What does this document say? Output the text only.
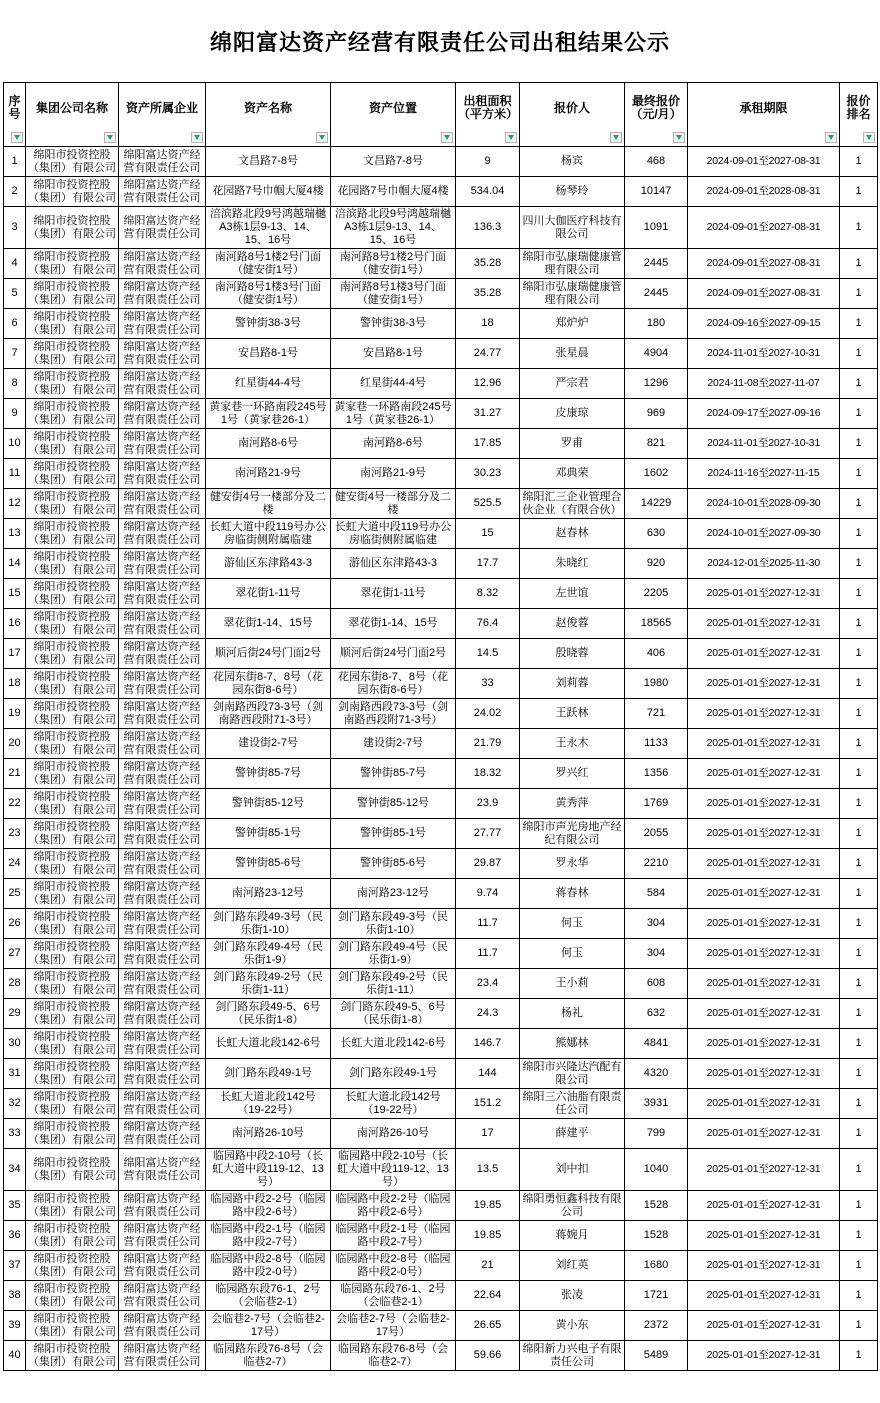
绵阳富达资产经营有限责任公司出租结果公示
序号	集团公司名称	资产所属企业	资产名称	资产位置	出租面积（平方米）	报价人	最终报价（元/月）	承租期限	报价排名

1	绵阳市投资控股（集团）有限公司	绵阳富达资产经营有限责任公司	文昌路7-8号	文昌路7-8号	9	杨宾	468	2024-09-01至2027-08-31	1
2	绵阳市投资控股（集团）有限公司	绵阳富达资产经营有限责任公司	花园路7号巾帼大厦4楼	花园路7号巾帼大厦4楼	534.04	杨琴玲	10147	2024-09-01至2028-08-31	1
3	绵阳市投资控股（集团）有限公司	绵阳富达资产经营有限责任公司	涪滨路北段9号鸿越瑞樾A3栋1层9-13、14、15、16号	涪滨路北段9号鸿越瑞樾A3栋1层9-13、14、15、16号	136.3	四川大伽医疗科技有限公司	1091	2024-09-01至2027-08-31	1
4	绵阳市投资控股（集团）有限公司	绵阳富达资产经营有限责任公司	南河路8号1楼2号门面（健安街1号）	南河路8号1楼2号门面（健安街1号）	35.28	绵阳市弘康瑞健康管理有限公司	2445	2024-09-01至2027-08-31	1
5	绵阳市投资控股（集团）有限公司	绵阳富达资产经营有限责任公司	南河路8号1楼3号门面（健安街1号）	南河路8号1楼3号门面（健安街1号）	35.28	绵阳市弘康瑞健康管理有限公司	2445	2024-09-01至2027-08-31	1
6	绵阳市投资控股（集团）有限公司	绵阳富达资产经营有限责任公司	警钟街38-3号	警钟街38-3号	18	郑炉炉	180	2024-09-16至2027-09-15	1
7	绵阳市投资控股（集团）有限公司	绵阳富达资产经营有限责任公司	安昌路8-1号	安昌路8-1号	24.77	张星晨	4904	2024-11-01至2027-10-31	1
8	绵阳市投资控股（集团）有限公司	绵阳富达资产经营有限责任公司	红星街44-4号	红星街44-4号	12.96	严宗君	1296	2024-11-08至2027-11-07	1
9	绵阳市投资控股（集团）有限公司	绵阳富达资产经营有限责任公司	黄家巷一环路南段245号1号（黄家巷26-1）	黄家巷一环路南段245号1号（黄家巷26-1）	31.27	皮康琼	969	2024-09-17至2027-09-16	1
10	绵阳市投资控股（集团）有限公司	绵阳富达资产经营有限责任公司	南河路8-6号	南河路8-6号	17.85	罗甫	821	2024-11-01至2027-10-31	1
11	绵阳市投资控股（集团）有限公司	绵阳富达资产经营有限责任公司	南河路21-9号	南河路21-9号	30.23	邓典荣	1602	2024-11-16至2027-11-15	1
12	绵阳市投资控股（集团）有限公司	绵阳富达资产经营有限责任公司	健安街4号一楼部分及二楼	健安街4号一楼部分及二楼	525.5	绵阳汇三企业管理合伙企业（有限合伙）	14229	2024-10-01至2028-09-30	1
13	绵阳市投资控股（集团）有限公司	绵阳富达资产经营有限责任公司	长虹大道中段119号办公房临街侧附属临建	长虹大道中段119号办公房临街侧附属临建	15	赵春林	630	2024-10-01至2027-09-30	1
14	绵阳市投资控股（集团）有限公司	绵阳富达资产经营有限责任公司	游仙区东津路43-3	游仙区东津路43-3	17.7	朱晓红	920	2024-12-01至2025-11-30	1
15	绵阳市投资控股（集团）有限公司	绵阳富达资产经营有限责任公司	翠花街1-11号	翠花街1-11号	8.32	左世谊	2205	2025-01-01至2027-12-31	1
16	绵阳市投资控股（集团）有限公司	绵阳富达资产经营有限责任公司	翠花街1-14、15号	翠花街1-14、15号	76.4	赵俊蓉	18565	2025-01-01至2027-12-31	1
17	绵阳市投资控股（集团）有限公司	绵阳富达资产经营有限责任公司	顺河后街24号门面2号	顺河后街24号门面2号	14.5	殷晓蓉	406	2025-01-01至2027-12-31	1
18	绵阳市投资控股（集团）有限公司	绵阳富达资产经营有限责任公司	花园东街8-7、8号（花园东街8-6号）	花园东街8-7、8号（花园东街8-6号）	33	刘莉蓉	1980	2025-01-01至2027-12-31	1
19	绵阳市投资控股（集团）有限公司	绵阳富达资产经营有限责任公司	剑南路西段73-3号（剑南路西段附71-3号）	剑南路西段73-3号（剑南路西段附71-3号）	24.02	王跃林	721	2025-01-01至2027-12-31	1
20	绵阳市投资控股（集团）有限公司	绵阳富达资产经营有限责任公司	建设街2-7号	建设街2-7号	21.79	王永木	1133	2025-01-01至2027-12-31	1
21	绵阳市投资控股（集团）有限公司	绵阳富达资产经营有限责任公司	警钟街85-7号	警钟街85-7号	18.32	罗兴红	1356	2025-01-01至2027-12-31	1
22	绵阳市投资控股（集团）有限公司	绵阳富达资产经营有限责任公司	警钟街85-12号	警钟街85-12号	23.9	黄秀萍	1769	2025-01-01至2027-12-31	1
23	绵阳市投资控股（集团）有限公司	绵阳富达资产经营有限责任公司	警钟街85-1号	警钟街85-1号	27.77	绵阳市声光房地产经纪有限公司	2055	2025-01-01至2027-12-31	1
24	绵阳市投资控股（集团）有限公司	绵阳富达资产经营有限责任公司	警钟街85-6号	警钟街85-6号	29.87	罗永华	2210	2025-01-01至2027-12-31	1
25	绵阳市投资控股（集团）有限公司	绵阳富达资产经营有限责任公司	南河路23-12号	南河路23-12号	9.74	蒋春林	584	2025-01-01至2027-12-31	1
26	绵阳市投资控股（集团）有限公司	绵阳富达资产经营有限责任公司	剑门路东段49-3号（民乐街1-10）	剑门路东段49-3号（民乐街1-10）	11.7	何玉	304	2025-01-01至2027-12-31	1
27	绵阳市投资控股（集团）有限公司	绵阳富达资产经营有限责任公司	剑门路东段49-4号（民乐街1-9）	剑门路东段49-4号（民乐街1-9）	11.7	何玉	304	2025-01-01至2027-12-31	1
28	绵阳市投资控股（集团）有限公司	绵阳富达资产经营有限责任公司	剑门路东段49-2号（民乐街1-11）	剑门路东段49-2号（民乐街1-11）	23.4	王小莉	608	2025-01-01至2027-12-31	1
29	绵阳市投资控股（集团）有限公司	绵阳富达资产经营有限责任公司	剑门路东段49-5、6号（民乐街1-8）	剑门路东段49-5、6号（民乐街1-8）	24.3	杨礼	632	2025-01-01至2027-12-31	1
30	绵阳市投资控股（集团）有限公司	绵阳富达资产经营有限责任公司	长虹大道北段142-6号	长虹大道北段142-6号	146.7	熊娜林	4841	2025-01-01至2027-12-31	1
31	绵阳市投资控股（集团）有限公司	绵阳富达资产经营有限责任公司	剑门路东段49-1号	剑门路东段49-1号	144	绵阳市兴隆达汽配有限公司	4320	2025-01-01至2027-12-31	1
32	绵阳市投资控股（集团）有限公司	绵阳富达资产经营有限责任公司	长虹大道北段142号（19-22号）	长虹大道北段142号（19-22号）	151.2	绵阳三六油脂有限责任公司	3931	2025-01-01至2027-12-31	1
33	绵阳市投资控股（集团）有限公司	绵阳富达资产经营有限责任公司	南河路26-10号	南河路26-10号	17	薛建平	799	2025-01-01至2027-12-31	1
34	绵阳市投资控股（集团）有限公司	绵阳富达资产经营有限责任公司	临园路中段2-10号（长虹大道中段119-12、13号）	临园路中段2-10号（长虹大道中段119-12、13号）	13.5	刘中扣	1040	2025-01-01至2027-12-31	1
35	绵阳市投资控股（集团）有限公司	绵阳富达资产经营有限责任公司	临园路中段2-2号（临园路中段2-6号）	临园路中段2-2号（临园路中段2-6号）	19.85	绵阳勇恒鑫科技有限公司	1528	2025-01-01至2027-12-31	1
36	绵阳市投资控股（集团）有限公司	绵阳富达资产经营有限责任公司	临园路中段2-1号（临园路中段2-7号）	临园路中段2-1号（临园路中段2-7号）	19.85	蒋婉月	1528	2025-01-01至2027-12-31	1
37	绵阳市投资控股（集团）有限公司	绵阳富达资产经营有限责任公司	临园路中段2-8号（临园路中段2-0号）	临园路中段2-8号（临园路中段2-0号）	21	刘红英	1680	2025-01-01至2027-12-31	1
38	绵阳市投资控股（集团）有限公司	绵阳富达资产经营有限责任公司	临园路东段76-1、2号（会临巷2-1）	临园路东段76-1、2号（会临巷2-1）	22.64	张凌	1721	2025-01-01至2027-12-31	1
39	绵阳市投资控股（集团）有限公司	绵阳富达资产经营有限责任公司	会临巷2-7号（会临巷2-17号）	会临巷2-7号（会临巷2-17号）	26.65	黄小东	2372	2025-01-01至2027-12-31	1
40	绵阳市投资控股（集团）有限公司	绵阳富达资产经营有限责任公司	临园路东段76-8号（会临巷2-7）	临园路东段76-8号（会临巷2-7）	59.66	绵阳新力兴电子有限责任公司	5489	2025-01-01至2027-12-31	1
